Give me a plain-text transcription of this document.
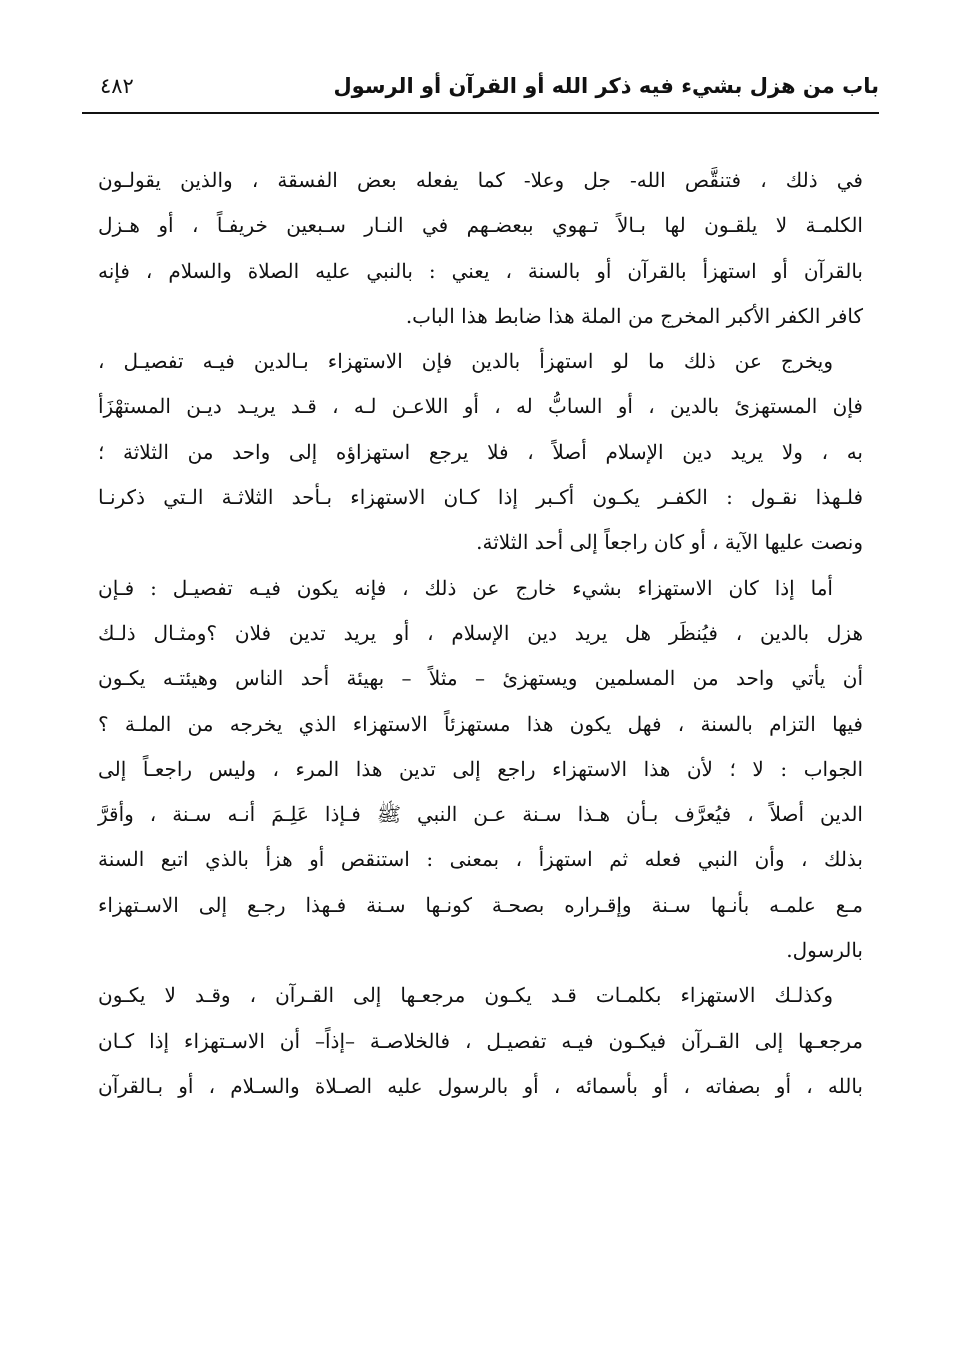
باب من هزل بشيء فيه ذكر الله أو القرآن أو الرسول
٤٨٢
في ذلك ، فتنقَّص الله- جل وعلا- كما يفعله بعض الفسقة ، والذين يقولـون
الكلمـة لا يلقـون لها بـالاً تـهوي ببعضـهم في النـار سـبعين خريفـاً ، أو هـزل
بالقرآن أو استهزأ بالقرآن أو بالسنة ، يعني : بالنبي عليه الصلاة والسلام ، فإنه
كافر الكفر الأكبر المخرج من الملة هذا ضابط هذا الباب.
ويخرج عن ذلك ما لو استهزأ بالدين فإن الاستهزاء بـالدين فيـه تفصيـل ،
فإن المستهزئ بالدين ، أو السابُّ له ، أو اللاعـن لـه ، قـد يريـد ديـن المستهْزَأ
به ، ولا يريد دين الإسلام أصلاً ، فلا يرجع استهزاؤه إلى واحد من الثلاثة ؛
فلـهذا نقـول : الكفـر يكـون أكـبر إذا كـان الاستهزاء بـأحد الثلاثـة الـتي ذكرنـا
ونصت عليها الآية ، أو كان راجعاً إلى أحد الثلاثة.
أما إذا كان الاستهزاء بشيء خارج عن ذلك ، فإنه يكون فيـه تفصيـل : فـإن
هزل بالدين ، فيُنظَر هل يريد دين الإسلام ، أو يريد تدين فلان ؟ومثـال ذلـك
أن يأتي واحد من المسلمين ويستهزئ – مثلاً – بهيئة أحد الناس وهيئتـه يكـون
فيها التزام بالسنة ، فهل يكون هذا مستهزئاً الاستهزاء الذي يخرجه من الملـة ؟
الجواب : لا ؛ لأن هذا الاستهزاء راجع إلى تدين هذا المرء ، وليس راجعـاً إلى
الدين أصلاً ، فيُعرَّف بـأن هـذا سـنة عـن النبي ﷺ فـإذا عَلِـمَ أنـه سـنة ، وأقرَّ
بذلك ، وأن النبي فعله ثم استهزأ ، بمعنى : استنقص أو هزأ بالذي اتبع السنة
مـع علمـه بأنـها سـنة وإقـراره بصحـة كونـها سـنة فـهذا رجـع إلى الاسـتهزاء
بالرسول.
وكذلـك الاستهزاء بكلمـات قـد يكـون مرجعـها إلى القـرآن ، وقـد لا يكـون
مرجعـها إلى القـرآن فيكـون فيـه تفصيـل ، فالخلاصـة –إذاً– أن الاسـتهزاء إذا كـان
بالله ، أو بصفاته ، أو بأسمائه ، أو بالرسول عليه الصـلاة والسـلام ، أو بـالقرآن
